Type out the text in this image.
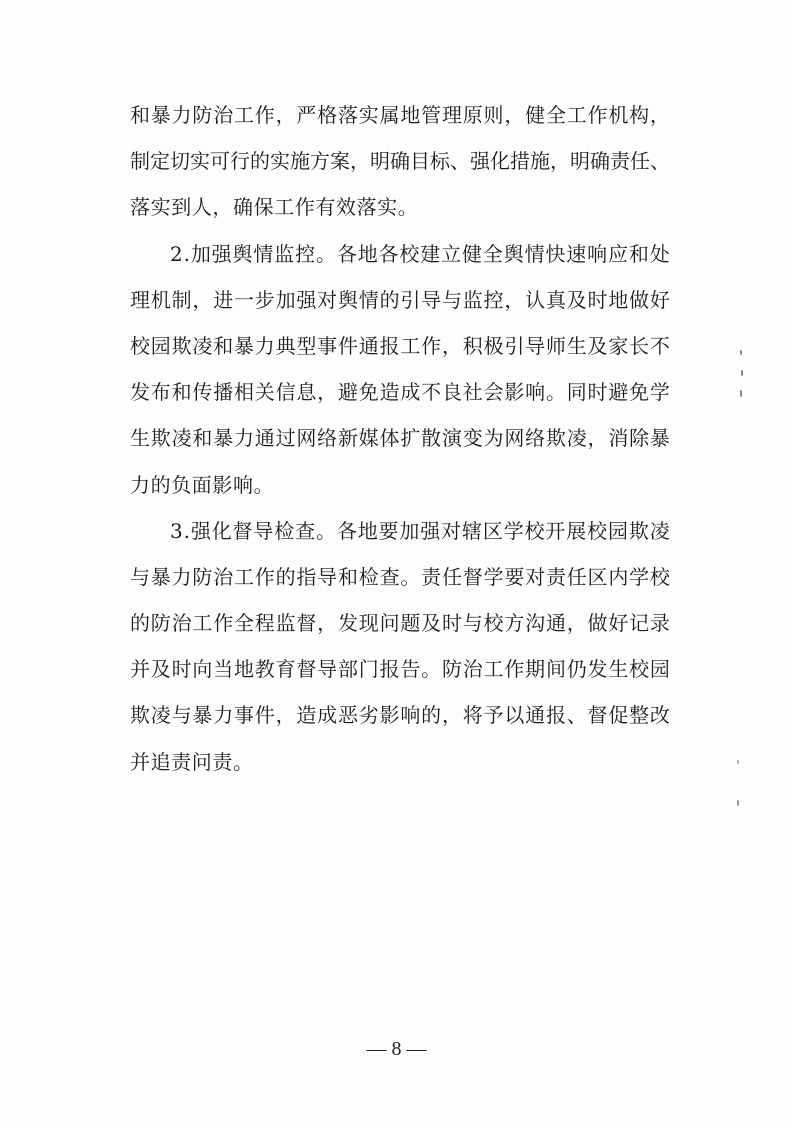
和 暴 力 防 治 工 作 ， 严 格 落 实 属 地 管 理 原 则 ， 健 全 工 作 机 构 ，
制 定 切 实 可 行 的 实 施 方 案 ， 明 确 目 标 、 强 化 措 施 ， 明 确 责 任 、
落实到人，确保工作有效落实。
2 . 加 强 舆 情 监 控 。 各 地 各 校 建 立 健 全 舆 情 快 速 响 应 和 处
理 机 制 ， 进 一 步 加 强 对 舆 情 的 引 导 与 监 控 ， 认 真 及 时 地 做 好
校 园 欺 凌 和 暴 力 典 型 事 件 通 报 工 作 ， 积 极 引 导 师 生 及 家 长 不
发 布 和 传 播 相 关 信 息 ， 避 免 造 成 不 良 社 会 影 响 。 同 时 避 免 学
生 欺 凌 和 暴 力 通 过 网 络 新 媒 体 扩 散 演 变 为 网 络 欺 凌 ， 消 除 暴
力的负面影响。
3 . 强 化 督 导 检 查 。 各 地 要 加 强 对 辖 区 学 校 开 展 校 园 欺 凌
与 暴 力 防 治 工 作 的 指 导 和 检 查 。 责 任 督 学 要 对 责 任 区 内 学 校
的 防 治 工 作 全 程 监 督 ， 发 现 问 题 及 时 与 校 方 沟 通 ， 做 好 记 录
并 及 时 向 当 地 教 育 督 导 部 门 报 告 。 防 治 工 作 期 间 仍 发 生 校 园
欺 凌 与 暴 力 事 件 ， 造 成 恶 劣 影 响 的 ， 将 予 以 通 报 、 督 促 整 改
并追责问责。
— 8 —
